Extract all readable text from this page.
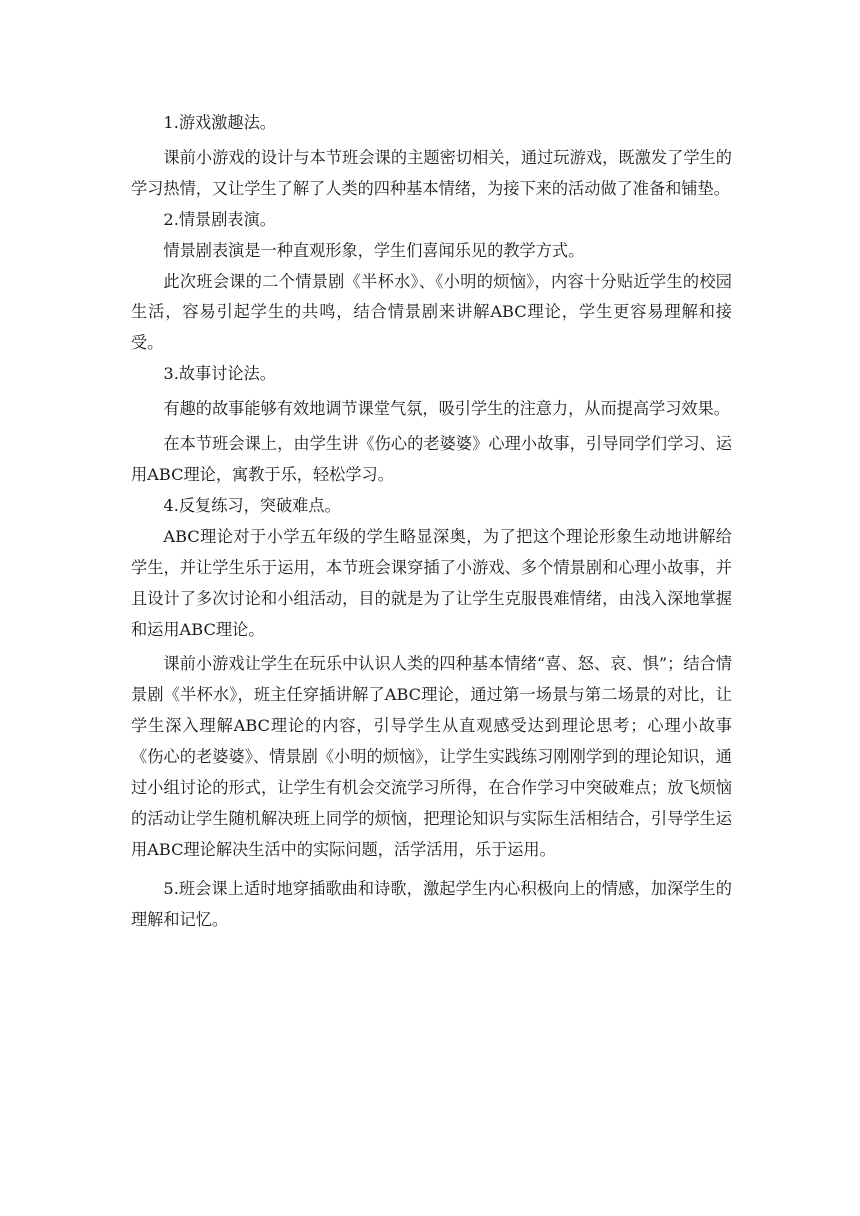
1.游戏激趣法。

课前小游戏的设计与本节班会课的主题密切相关，通过玩游戏，既激发了学生的学习热情，又让学生了解了人类的四种基本情绪，为接下来的活动做了准备和铺垫。

2.情景剧表演。

情景剧表演是一种直观形象，学生们喜闻乐见的教学方式。

此次班会课的二个情景剧《半杯水》、《小明的烦恼》，内容十分贴近学生的校园生活，容易引起学生的共鸣，结合情景剧来讲解ABC理论，学生更容易理解和接受。

3.故事讨论法。

有趣的故事能够有效地调节课堂气氛，吸引学生的注意力，从而提高学习效果。

在本节班会课上，由学生讲《伤心的老婆婆》心理小故事，引导同学们学习、运用ABC理论，寓教于乐，轻松学习。

4.反复练习，突破难点。

ABC理论对于小学五年级的学生略显深奥，为了把这个理论形象生动地讲解给学生，并让学生乐于运用，本节班会课穿插了小游戏、多个情景剧和心理小故事，并且设计了多次讨论和小组活动，目的就是为了让学生克服畏难情绪，由浅入深地掌握和运用ABC理论。

课前小游戏让学生在玩乐中认识人类的四种基本情绪“喜、怒、哀、惧”；结合情景剧《半杯水》，班主任穿插讲解了ABC理论，通过第一场景与第二场景的对比，让学生深入理解ABC理论的内容，引导学生从直观感受达到理论思考；心理小故事《伤心的老婆婆》、情景剧《小明的烦恼》，让学生实践练习刚刚学到的理论知识，通过小组讨论的形式，让学生有机会交流学习所得，在合作学习中突破难点；放飞烦恼的活动让学生随机解决班上同学的烦恼，把理论知识与实际生活相结合，引导学生运用ABC理论解决生活中的实际问题，活学活用，乐于运用。

5.班会课上适时地穿插歌曲和诗歌，激起学生内心积极向上的情感，加深学生的理解和记忆。
